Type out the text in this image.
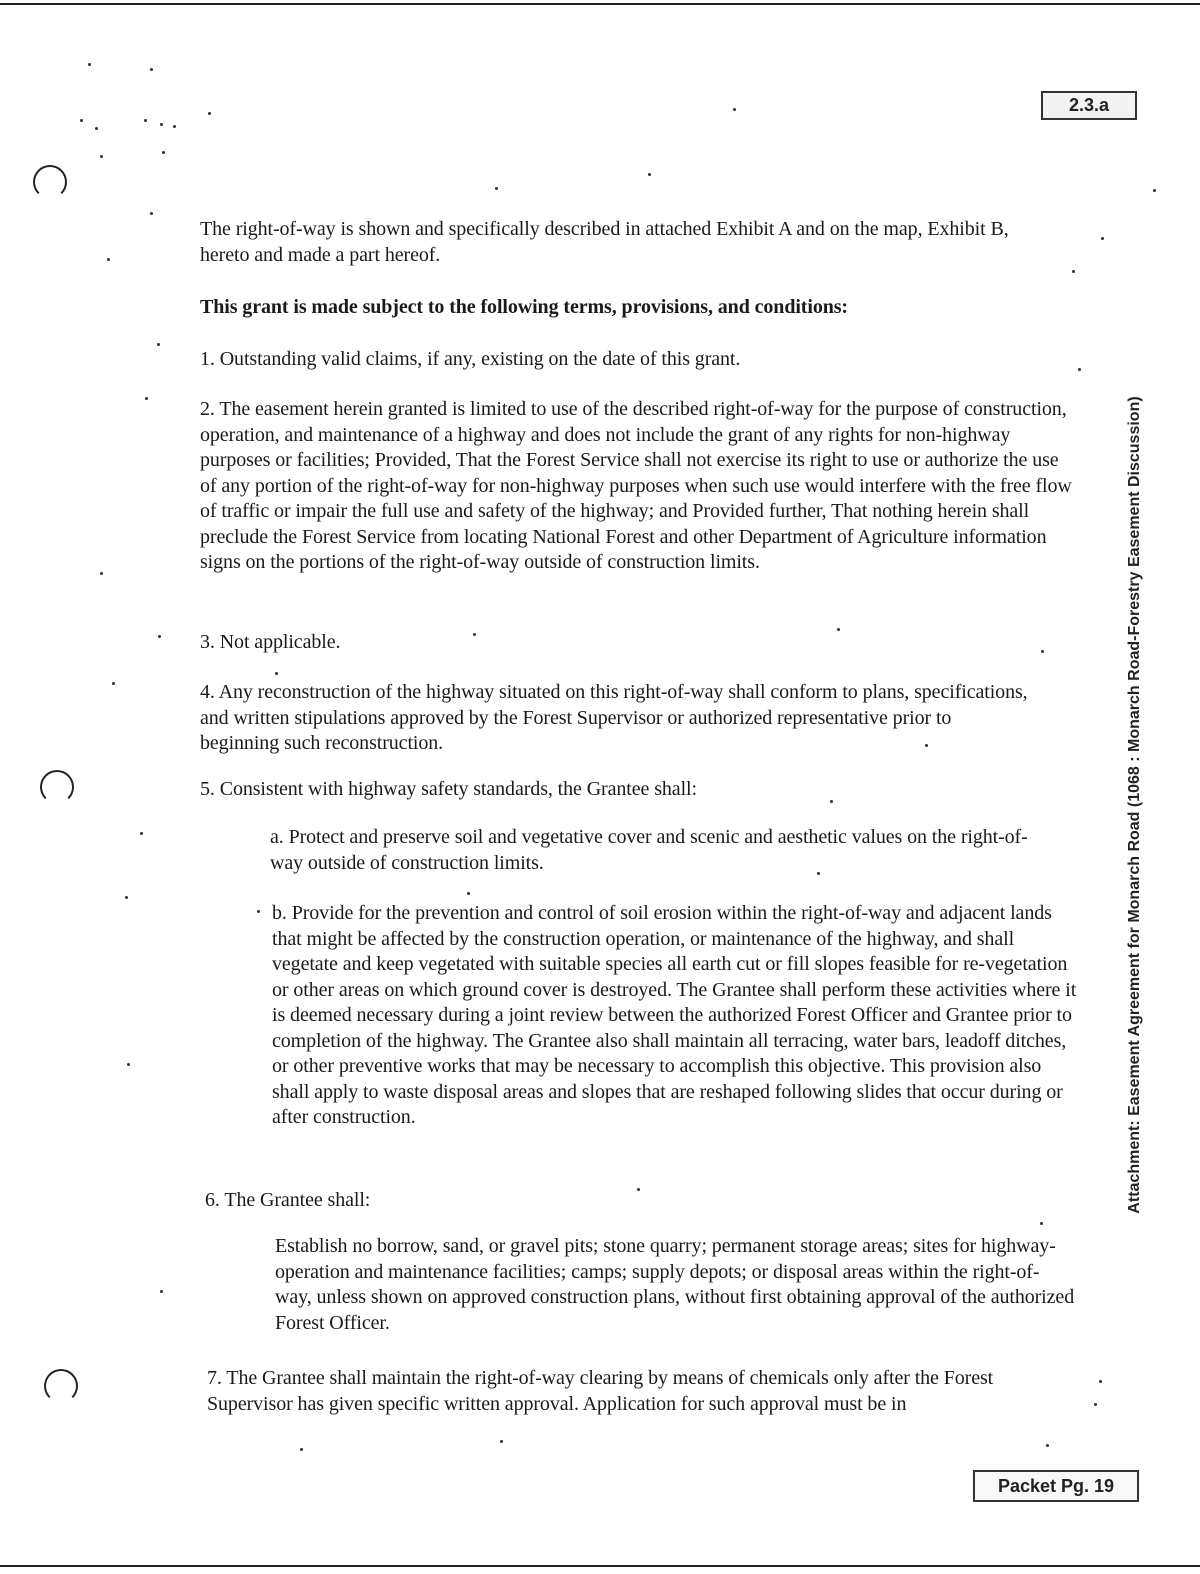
2.3.a
Attachment: Easement Agreement for Monarch Road (1068 : Monarch Road-Forestry Easement Discussion)

The right-of-way is shown and specifically described in attached Exhibit A and on the map, Exhibit B, hereto and made a part hereof.

This grant is made subject to the following terms, provisions, and conditions:

1. Outstanding valid claims, if any, existing on the date of this grant.

2. The easement herein granted is limited to use of the described right-of-way for the purpose of construction, operation, and maintenance of a highway and does not include the grant of any rights for non-highway purposes or facilities; Provided, That the Forest Service shall not exercise its right to use or authorize the use of any portion of the right-of-way for non-highway purposes when such use would interfere with the free flow of traffic or impair the full use and safety of the highway; and Provided further, That nothing herein shall preclude the Forest Service from locating National Forest and other Department of Agriculture information signs on the portions of the right-of-way outside of construction limits.

3. Not applicable.

4. Any reconstruction of the highway situated on this right-of-way shall conform to plans, specifications, and written stipulations approved by the Forest Supervisor or authorized representative prior to beginning such reconstruction.

5. Consistent with highway safety standards, the Grantee shall:

a. Protect and preserve soil and vegetative cover and scenic and aesthetic values on the right-of-way outside of construction limits.

b. Provide for the prevention and control of soil erosion within the right-of-way and adjacent lands that might be affected by the construction operation, or maintenance of the highway, and shall vegetate and keep vegetated with suitable species all earth cut or fill slopes feasible for re-vegetation or other areas on which ground cover is destroyed. The Grantee shall perform these activities where it is deemed necessary during a joint review between the authorized Forest Officer and Grantee prior to completion of the highway. The Grantee also shall maintain all terracing, water bars, leadoff ditches, or other preventive works that may be necessary to accomplish this objective. This provision also shall apply to waste disposal areas and slopes that are reshaped following slides that occur during or after construction.

6. The Grantee shall:

Establish no borrow, sand, or gravel pits; stone quarry; permanent storage areas; sites for highway-operation and maintenance facilities; camps; supply depots; or disposal areas within the right-of-way, unless shown on approved construction plans, without first obtaining approval of the authorized Forest Officer.

7. The Grantee shall maintain the right-of-way clearing by means of chemicals only after the Forest Supervisor has given specific written approval. Application for such approval must be in

Packet Pg. 19
